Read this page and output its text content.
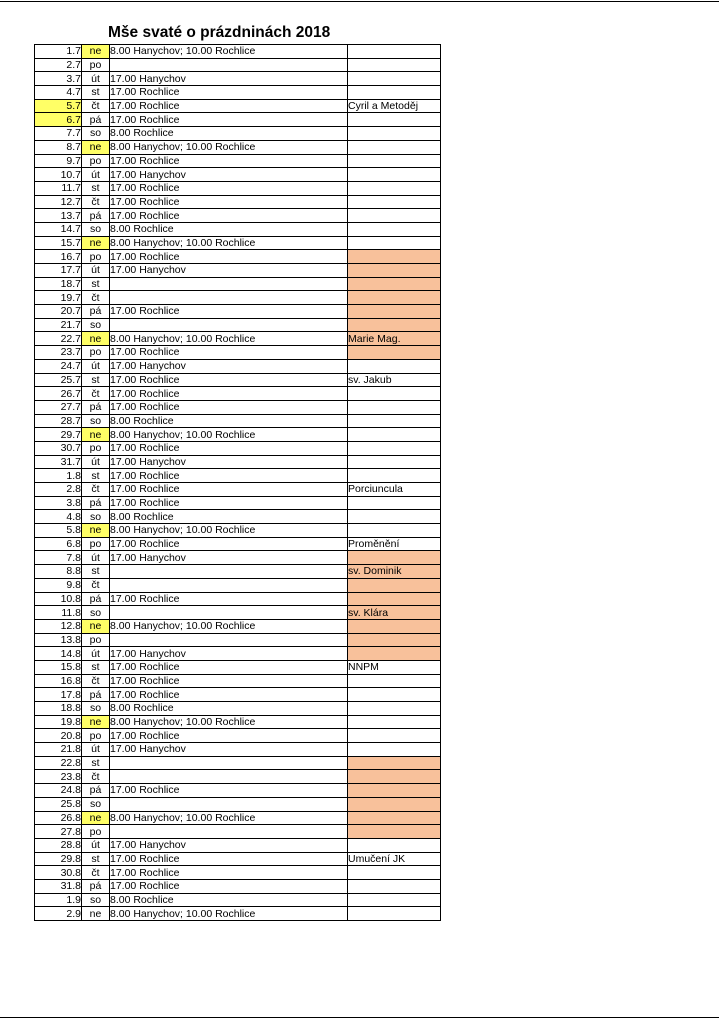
Mše svaté o prázdninách 2018
1.7	ne	8.00 Hanychov; 10.00 Rochlice	
2.7	po		
3.7	út	17.00 Hanychov	
4.7	st	17.00 Rochlice	
5.7	čt	17.00 Rochlice	Cyril a Metoděj
6.7	pá	17.00 Rochlice	
7.7	so	8.00 Rochlice	
8.7	ne	8.00 Hanychov; 10.00 Rochlice	
9.7	po	17.00 Rochlice	
10.7	út	17.00 Hanychov	
11.7	st	17.00 Rochlice	
12.7	čt	17.00 Rochlice	
13.7	pá	17.00 Rochlice	
14.7	so	8.00 Rochlice	
15.7	ne	8.00 Hanychov; 10.00 Rochlice	
16.7	po	17.00 Rochlice	
17.7	út	17.00 Hanychov	
18.7	st		
19.7	čt		
20.7	pá	17.00 Rochlice	
21.7	so		
22.7	ne	8.00 Hanychov; 10.00 Rochlice	Marie Mag.
23.7	po	17.00 Rochlice	
24.7	út	17.00 Hanychov	
25.7	st	17.00 Rochlice	sv. Jakub
26.7	čt	17.00 Rochlice	
27.7	pá	17.00 Rochlice	
28.7	so	8.00 Rochlice	
29.7	ne	8.00 Hanychov; 10.00 Rochlice	
30.7	po	17.00 Rochlice	
31.7	út	17.00 Hanychov	
1.8	st	17.00 Rochlice	
2.8	čt	17.00 Rochlice	Porciuncula
3.8	pá	17.00 Rochlice	
4.8	so	8.00 Rochlice	
5.8	ne	8.00 Hanychov; 10.00 Rochlice	
6.8	po	17.00 Rochlice	Proměnění
7.8	út	17.00 Hanychov	
8.8	st		sv. Dominik
9.8	čt		
10.8	pá	17.00 Rochlice	
11.8	so		sv. Klára
12.8	ne	8.00 Hanychov; 10.00 Rochlice	
13.8	po		
14.8	út	17.00 Hanychov	
15.8	st	17.00 Rochlice	NNPM
16.8	čt	17.00 Rochlice	
17.8	pá	17.00 Rochlice	
18.8	so	8.00 Rochlice	
19.8	ne	8.00 Hanychov; 10.00 Rochlice	
20.8	po	17.00 Rochlice	
21.8	út	17.00 Hanychov	
22.8	st		
23.8	čt		
24.8	pá	17.00 Rochlice	
25.8	so		
26.8	ne	8.00 Hanychov; 10.00 Rochlice	
27.8	po		
28.8	út	17.00 Hanychov	
29.8	st	17.00 Rochlice	Umučení JK
30.8	čt	17.00 Rochlice	
31.8	pá	17.00 Rochlice	
1.9	so	8.00 Rochlice	
2.9	ne	8.00 Hanychov; 10.00 Rochlice	
